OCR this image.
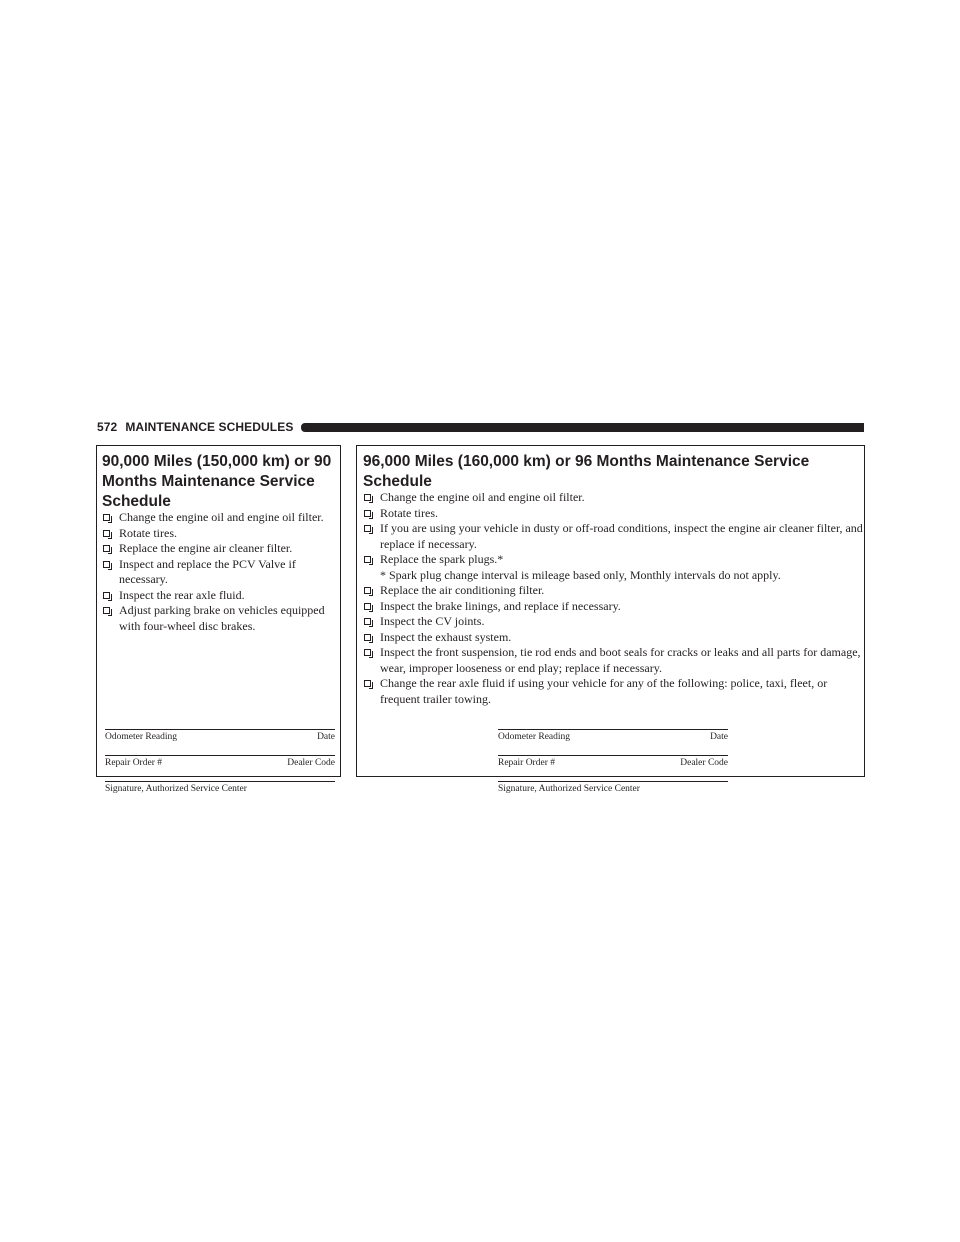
572 MAINTENANCE SCHEDULES
90,000 Miles (150,000 km) or 90 Months Maintenance Service Schedule
Change the engine oil and engine oil filter.
Rotate tires.
Replace the engine air cleaner filter.
Inspect and replace the PCV Valve if necessary.
Inspect the rear axle fluid.
Adjust parking brake on vehicles equipped with four-wheel disc brakes.
Odometer Reading	Date
Repair Order #	Dealer Code
Signature, Authorized Service Center
96,000 Miles (160,000 km) or 96 Months Maintenance Service Schedule
Change the engine oil and engine oil filter.
Rotate tires.
If you are using your vehicle in dusty or off-road conditions, inspect the engine air cleaner filter, and replace if necessary.
Replace the spark plugs.*
* Spark plug change interval is mileage based only, Monthly intervals do not apply.
Replace the air conditioning filter.
Inspect the brake linings, and replace if necessary.
Inspect the CV joints.
Inspect the exhaust system.
Inspect the front suspension, tie rod ends and boot seals for cracks or leaks and all parts for damage, wear, improper looseness or end play; replace if necessary.
Change the rear axle fluid if using your vehicle for any of the following: police, taxi, fleet, or frequent trailer towing.
Odometer Reading	Date
Repair Order #	Dealer Code
Signature, Authorized Service Center
